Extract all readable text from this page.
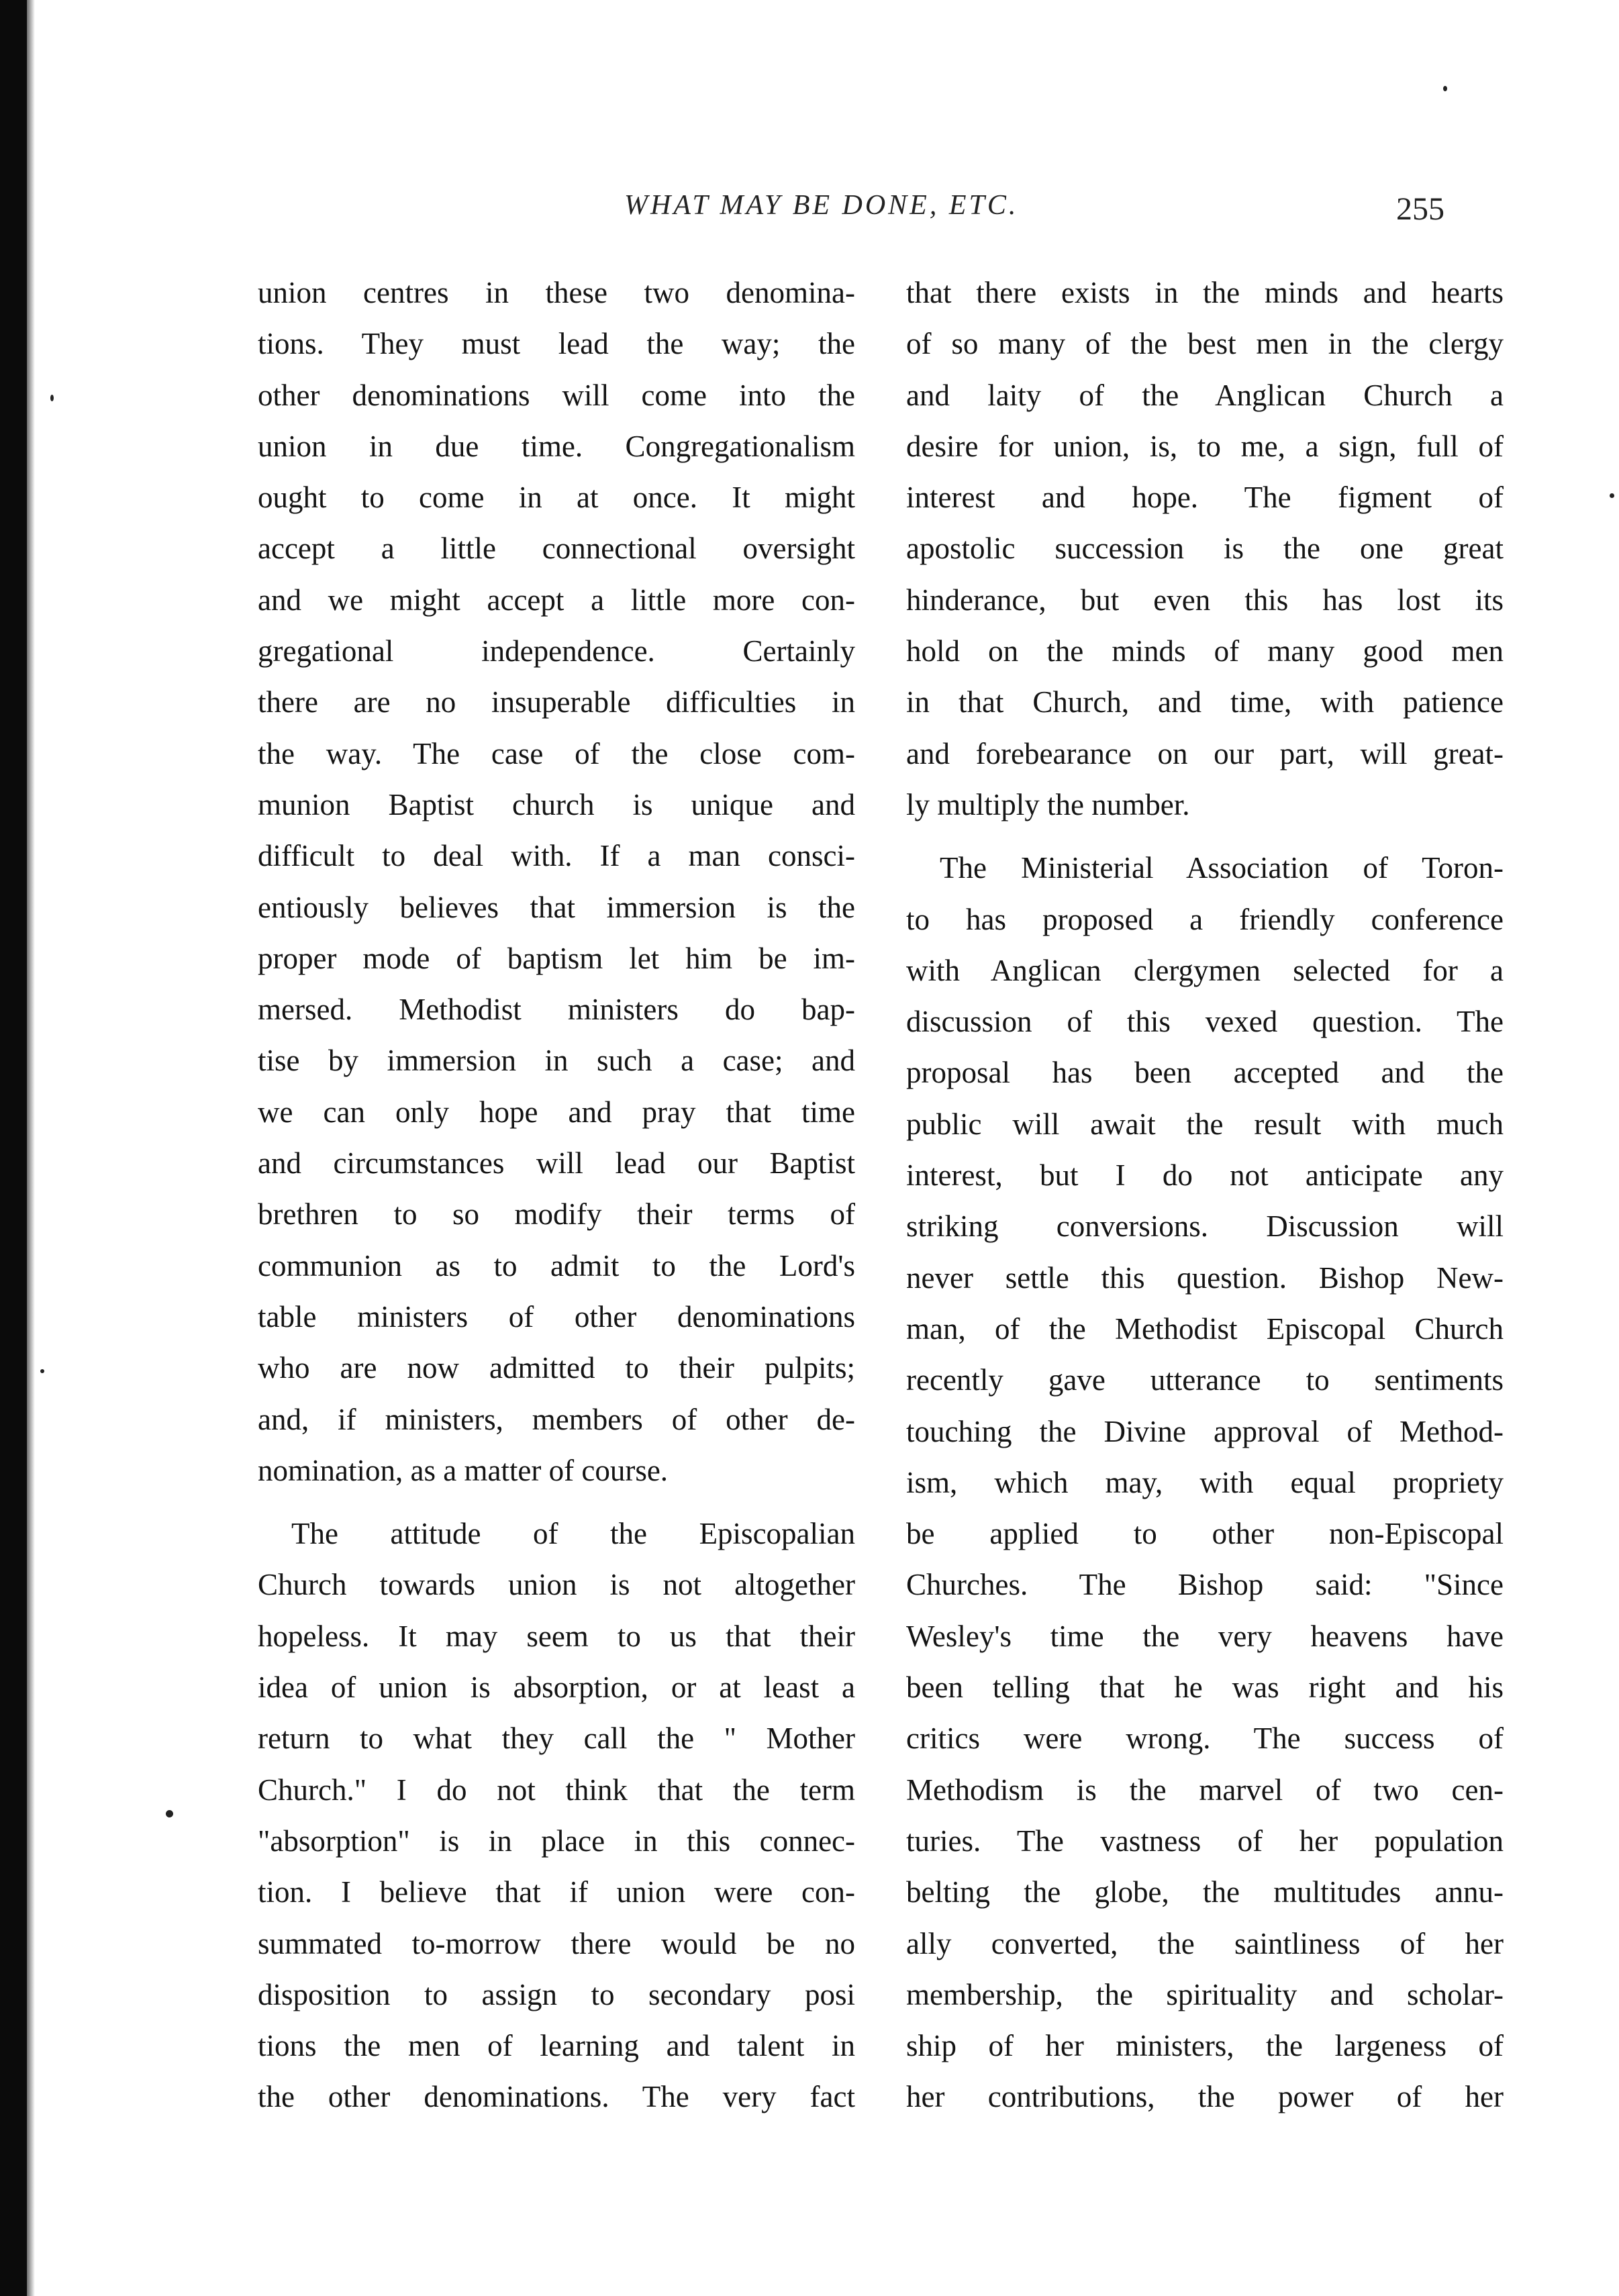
WHAT MAY BE DONE, ETC.	255
union centres in these two denomina-
tions. They must lead the way; the
other denominations will come into the
union in due time. Congregationalism
ought to come in at once. It might
accept a little connectional oversight
and we might accept a little more con-
gregational independence. Certainly
there are no insuperable difficulties in
the way. The case of the close com-
munion Baptist church is unique and
difficult to deal with. If a man consci-
entiously believes that immersion is the
proper mode of baptism let him be im-
mersed. Methodist ministers do bap-
tise by immersion in such a case; and
we can only hope and pray that time
and circumstances will lead our Baptist
brethren to so modify their terms of
communion as to admit to the Lord's
table ministers of other denominations
who are now admitted to their pulpits;
and, if ministers, members of other de-
nomination, as a matter of course.
The attitude of the Episcopalian
Church towards union is not altogether
hopeless. It may seem to us that their
idea of union is absorption, or at least a
return to what they call the " Mother
Church." I do not think that the term
"absorption" is in place in this connec-
tion. I believe that if union were con-
summated to-morrow there would be no
disposition to assign to secondary posi
tions the men of learning and talent in
the other denominations. The very fact
that there exists in the minds and hearts
of so many of the best men in the clergy
and laity of the Anglican Church a
desire for union, is, to me, a sign, full of
interest and hope. The figment of
apostolic succession is the one great
hinderance, but even this has lost its
hold on the minds of many good men
in that Church, and time, with patience
and forebearance on our part, will great-
ly multiply the number.
The Ministerial Association of Toron-
to has proposed a friendly conference
with Anglican clergymen selected for a
discussion of this vexed question. The
proposal has been accepted and the
public will await the result with much
interest, but I do not anticipate any
striking conversions. Discussion will
never settle this question. Bishop New-
man, of the Methodist Episcopal Church
recently gave utterance to sentiments
touching the Divine approval of Method-
ism, which may, with equal propriety
be applied to other non-Episcopal
Churches. The Bishop said: "Since
Wesley's time the very heavens have
been telling that he was right and his
critics were wrong. The success of
Methodism is the marvel of two cen-
turies. The vastness of her population
belting the globe, the multitudes annu-
ally converted, the saintliness of her
membership, the spirituality and scholar-
ship of her ministers, the largeness of
her contributions, the power of her
